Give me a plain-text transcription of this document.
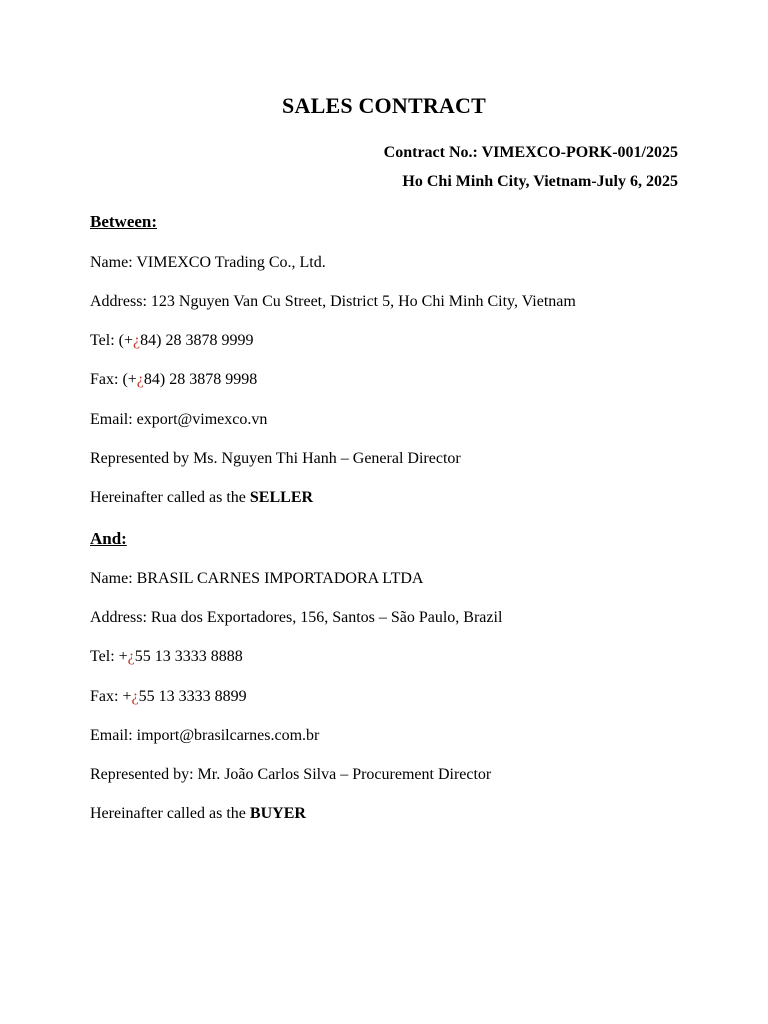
SALES CONTRACT
Contract No.: VIMEXCO-PORK-001/2025
Ho Chi Minh City, Vietnam-July 6, 2025
Between:
Name: VIMEXCO Trading Co., Ltd.
Address: 123 Nguyen Van Cu Street, District 5, Ho Chi Minh City, Vietnam
Tel: (+¿84) 28 3878 9999
Fax: (+¿84) 28 3878 9998
Email: export@vimexco.vn
Represented by Ms. Nguyen Thi Hanh – General Director
Hereinafter called as the SELLER
And:
Name: BRASIL CARNES IMPORTADORA LTDA
Address: Rua dos Exportadores, 156, Santos – São Paulo, Brazil
Tel: +¿55 13 3333 8888
Fax: +¿55 13 3333 8899
Email: import@brasilcarnes.com.br
Represented by: Mr. João Carlos Silva – Procurement Director
Hereinafter called as the BUYER
